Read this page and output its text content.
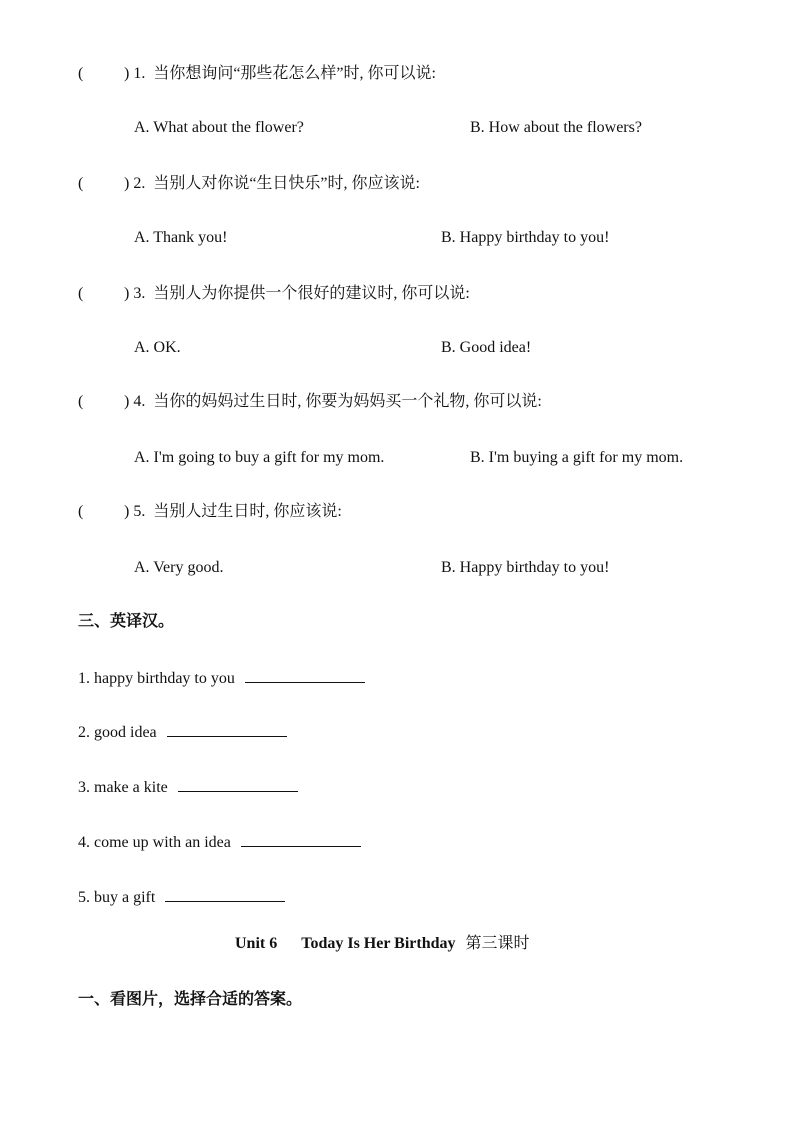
(	) 1. 当你想询问“那些花怎么样”时, 你可以说:
A. What about the flower?	B. How about the flowers?
(	) 2. 当别人对你说“生日快乐”时, 你应该说:
A. Thank you!	B. Happy birthday to you!
(	) 3. 当别人为你提供一个很好的建议时, 你可以说:
A. OK.	B. Good idea!
(	) 4. 当你的妈妈过生日时, 你要为妈妈买一个礼物, 你可以说:
A. I'm going to buy a gift for my mom.	B. I'm buying a gift for my mom.
(	) 5. 当别人过生日时, 你应该说:
A. Very good.	B. Happy birthday to you!
三、英译汉。
1. happy birthday to you
2. good idea
3. make a kite
4. come up with an idea
5. buy a gift
Unit 6 Today Is Her Birthday 第三课时
一、看图片，选择合适的答案。
